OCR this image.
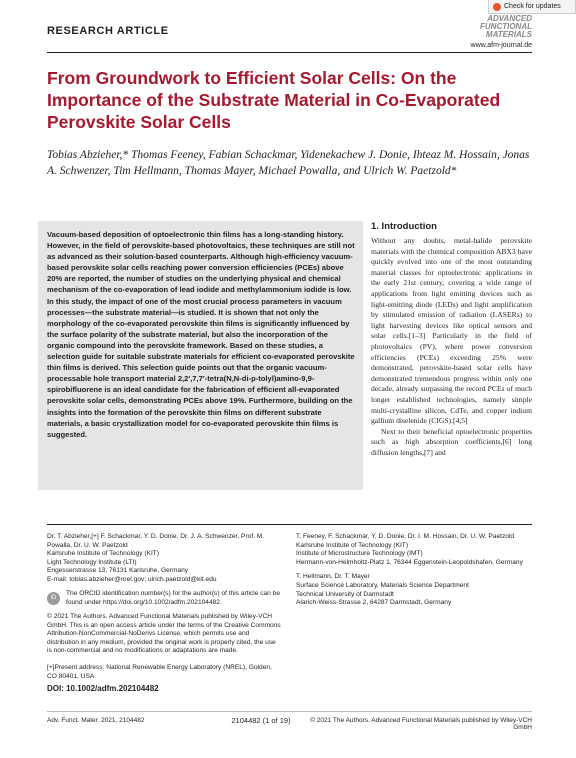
Check for updates
RESEARCH ARTICLE
ADVANCED
FUNCTIONAL
MATERIALS
www.afm-journal.de
From Groundwork to Efficient Solar Cells: On the Importance of the Substrate Material in Co-Evaporated Perovskite Solar Cells
Tobias Abzieher,* Thomas Feeney, Fabian Schackmar, Yidenekachew J. Donie, Ihteaz M. Hossain, Jonas A. Schwenzer, Tim Hellmann, Thomas Mayer, Michael Powalla, and Ulrich W. Paetzold*
Vacuum-based deposition of optoelectronic thin films has a long-standing history. However, in the field of perovskite-based photovoltaics, these techniques are still not as advanced as their solution-based counterparts. Although high-efficiency vacuum-based perovskite solar cells reaching power conversion efficiencies (PCEs) above 20% are reported, the number of studies on the underlying physical and chemical mechanism of the co-evaporation of lead iodide and methylammonium iodide is low. In this study, the impact of one of the most crucial process parameters in vacuum processes—the substrate material—is studied. It is shown that not only the morphology of the co-evaporated perovskite thin films is significantly influenced by the surface polarity of the substrate material, but also the incorporation of the organic compound into the perovskite framework. Based on these studies, a selection guide for suitable substrate materials for efficient co-evaporated perovskite thin films is derived. This selection guide points out that the organic vacuum-processable hole transport material 2,2′,7,7′-tetra(N,N-di-p-tolyl)amino-9,9-spirobifluorene is an ideal candidate for the fabrication of efficient all-evaporated perovskite solar cells, demonstrating PCEs above 19%. Furthermore, building on the insights into the formation of the perovskite thin films on different substrate materials, a basic crystallization model for co-evaporated perovskite thin films is suggested.
1. Introduction

Without any doubts, metal-halide perovskite materials with the chemical composition ABX3 have quickly evolved into one of the most outstanding material classes for optoelectronic applications in the early 21st century, covering a wide range of applications from light emitting devices such as light-emitting diode (LEDs) and light amplification by stimulated emission of radiation (LASERs) to light harvesting devices like optical sensors and solar cells.[1–3] Particularly in the field of photovoltaics (PV), where power conversion efficiencies (PCEs) exceeding 25% were demonstrated, perovskite-based solar cells have demonstrated tremendous progress within only one decade, already surpassing the record PCEs of much longer established technologies, namely simple multi-crystalline silicon, CdTe, and copper indium gallium diselenide (CIGS).[4,5]

Next to their beneficial optoelectronic properties such as high absorption coefficients,[6] long diffusion lengths,[7] and

Dr. T. Abzieher,[+] F. Schackmar, Y. D. Donie, Dr. J. A. Schwenzer, Prof. M. Powalla, Dr. U. W. Paetzold
Karlsruhe Institute of Technology (KIT)
Light Technology Institute (LTI)
Engesserstrasse 13, 76131 Karlsruhe, Germany
E-mail: tobias.abzieher@nrel.gov; ulrich.paetzold@kit.edu
T. Feeney, F. Schackmar, Y. D. Donie, Dr. I. M. Hossain, Dr. U. W. Paetzold
Karlsruhe Institute of Technology (KIT)
Institute of Microstructure Technology (IMT)
Hermann-von-Helmholtz-Platz 1, 76344 Eggenstein-Leopoldshafen, Germany
T. Hellmann, Dr. T. Mayer
Surface Science Laboratory, Materials Science Department
Technical University of Darmstadt
Alarich-Weiss-Strasse 2, 64287 Darmstadt, Germany
iD
The ORCID identification number(s) for the author(s) of this article can be found under https://doi.org/10.1002/adfm.202104482.
© 2021 The Authors. Advanced Functional Materials published by Wiley-VCH GmbH. This is an open access article under the terms of the Creative Commons Attribution-NonCommercial-NoDerivs License, which permits use and distribution in any medium, provided the original work is properly cited, the use is non-commercial and no modifications or adaptations are made.
[+]Present address: National Renewable Energy Laboratory (NREL), Golden, CO 80401, USA
DOI: 10.1002/adfm.202104482
Adv. Funct. Mater. 2021, 2104482	2104482 (1 of 19)	© 2021 The Authors. Advanced Functional Materials published by Wiley-VCH GmbH
